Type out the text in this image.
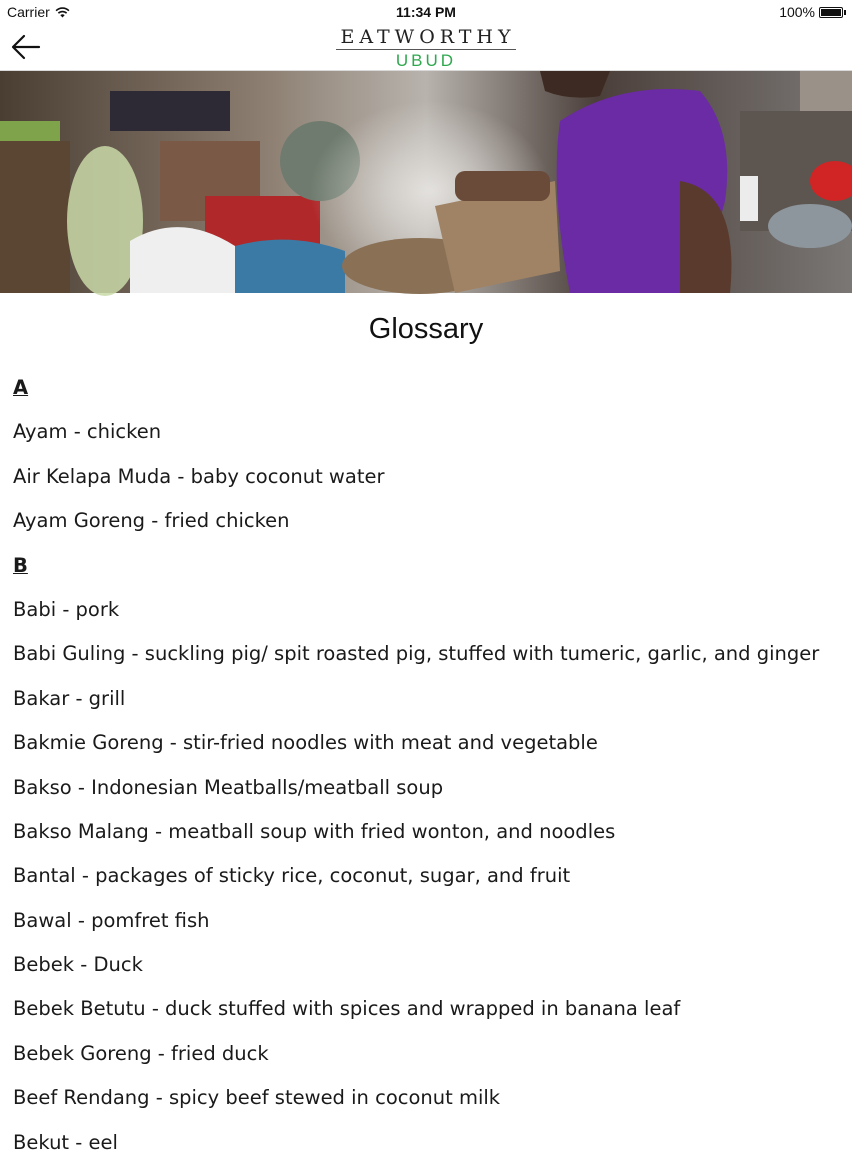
Carrier	11:34 PM	100%
EATWORTHY
UBUD
Glossary
A
Ayam - chicken
Air Kelapa Muda - baby coconut water
Ayam Goreng - fried chicken
B
Babi - pork
Babi Guling - suckling pig/ spit roasted pig, stuffed with tumeric, garlic, and ginger
Bakar - grill
Bakmie Goreng - stir-fried noodles with meat and vegetable
Bakso - Indonesian Meatballs/meatball soup
Bakso Malang - meatball soup with fried wonton, and noodles
Bantal - packages of sticky rice, coconut, sugar, and fruit
Bawal - pomfret fish
Bebek - Duck
Bebek Betutu - duck stuffed with spices and wrapped in banana leaf
Bebek Goreng - fried duck
Beef Rendang - spicy beef stewed in coconut milk
Bekut - eel
